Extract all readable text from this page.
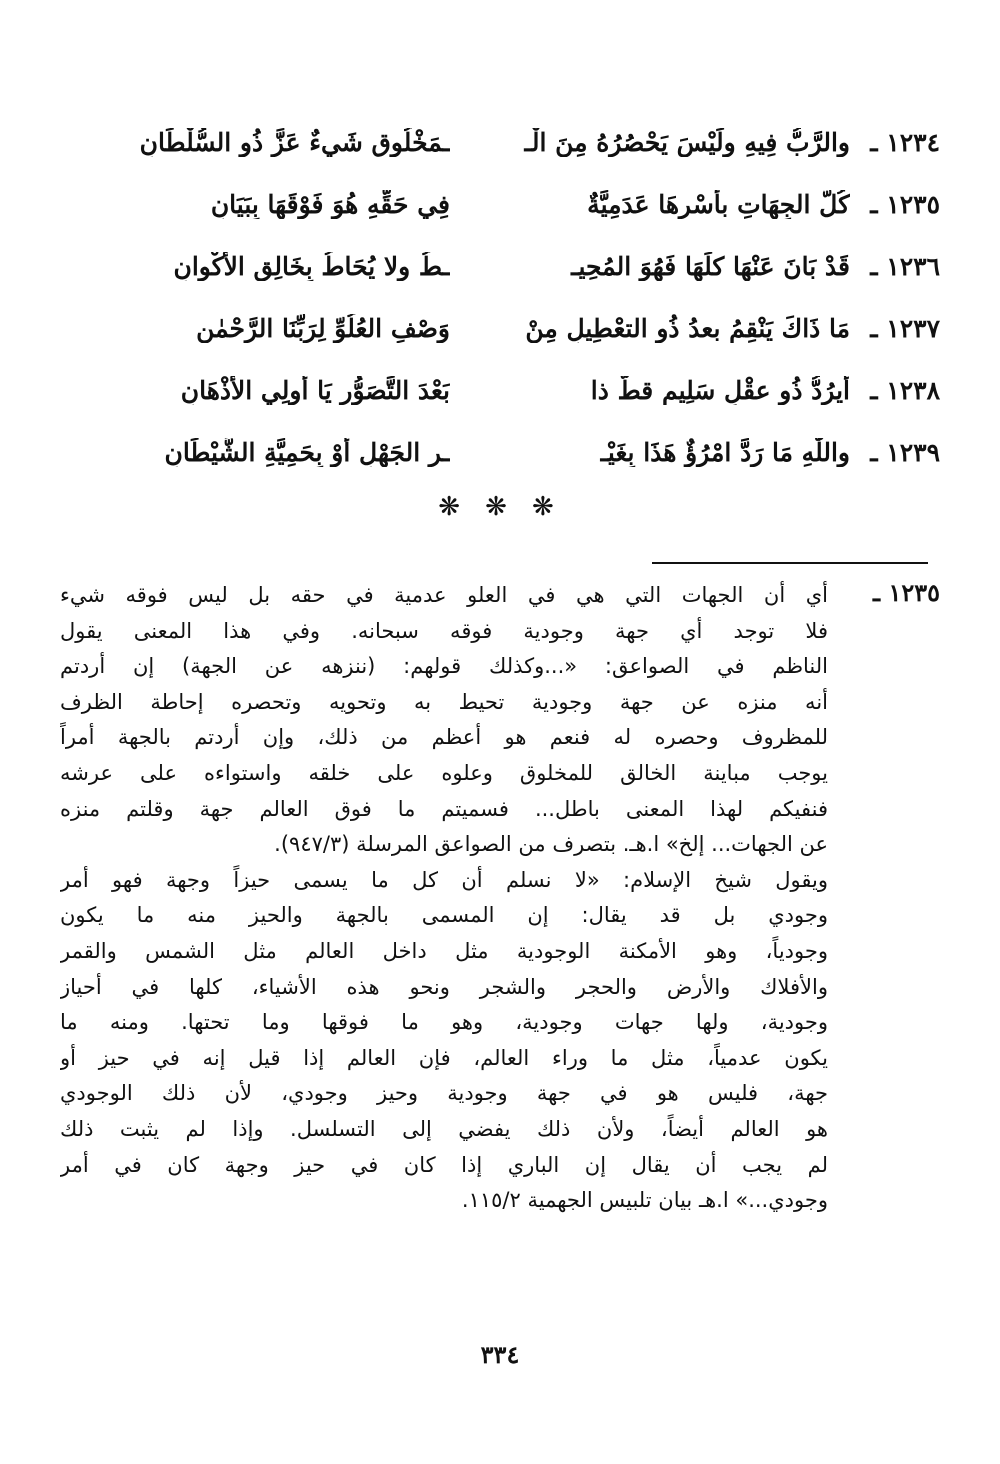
١٢٣٤ ـ
والرَّبُّ فِيهِ ولَيْسَ يَحْصُرُهُ مِنَ الْـ
ـمَخْلُوقِ شَيءٌ عَزَّ ذُو السُّلْطَانِ
١٢٣٥ ـ
كُلُّ الجِهَاتِ بأسْرِهَا عَدَمِيَّةٌ
فِي حَقِّهِ هُوَ فَوْقَهَا بِبَيَانِ
١٢٣٦ ـ
قَدْ بَانَ عَنْهَا كلِّهَا فَهُوَ المُحِيـ
ـطُ ولا يُحَاطُ بِخَالِقِ الأكْوانِ
١٢٣٧ ـ
مَا ذَاكَ يَنْقِمُ بعدُ ذُو التعْطِيلِ مِنْ
وَصْفِ العُلُوِّ لِرَبِّنَا الرَّحْمٰنِ
١٢٣٨ ـ
أيرُدُّ ذُو عقْلٍ سَلِيمٍ قطُّ ذا
بَعْدَ التَّصَوُّرِ يَا أولِي الأذْهَانِ
١٢٣٩ ـ
واللّٰهِ مَا رَدَّ امْرُؤٌ هَذَا بِغَيْـ
ـرِ الجَهْلِ أوْ بِحَمِيَّةِ الشَّيْطَانِ
❋ ❋ ❋
١٢٣٥ ـ
أي أن الجهات التي هي في العلو عدمية في حقه بل ليس فوقه شيء
فلا توجد أي جهة وجودية فوقه سبحانه. وفي هذا المعنى يقول
الناظم في الصواعق: «...وكذلك قولهم: (ننزهه عن الجهة) إن أردتم
أنه منزه عن جهة وجودية تحيط به وتحويه وتحصره إحاطة الظرف
للمظروف وحصره له فنعم هو أعظم من ذلك، وإن أردتم بالجهة أمراً
يوجب مباينة الخالق للمخلوق وعلوه على خلقه واستواءه على عرشه
فنفيكم لهذا المعنى باطل... فسميتم ما فوق العالم جهة وقلتم منزه
عن الجهات... إلخ» ا.هـ. بتصرف من الصواعق المرسلة (٩٤٧/٣).
ويقول شيخ الإسلام: «لا نسلم أن كل ما يسمى حيزاً وجهة فهو أمر
وجودي بل قد يقال: إن المسمى بالجهة والحيز منه ما يكون
وجودياً، وهو الأمكنة الوجودية مثل داخل العالم مثل الشمس والقمر
والأفلاك والأرض والحجر والشجر ونحو هذه الأشياء، كلها في أحياز
وجودية، ولها جهات وجودية، وهو ما فوقها وما تحتها. ومنه ما
يكون عدمياً، مثل ما وراء العالم، فإن العالم إذا قيل إنه في حيز أو
جهة، فليس هو في جهة وجودية وحيز وجودي، لأن ذلك الوجودي
هو العالم أيضاً، ولأن ذلك يفضي إلى التسلسل. وإذا لم يثبت ذلك
لم يجب أن يقال إن الباري إذا كان في حيز وجهة كان في أمر
وجودي...» ا.هـ بيان تلبيس الجهمية ١١٥/٢.
٣٣٤
